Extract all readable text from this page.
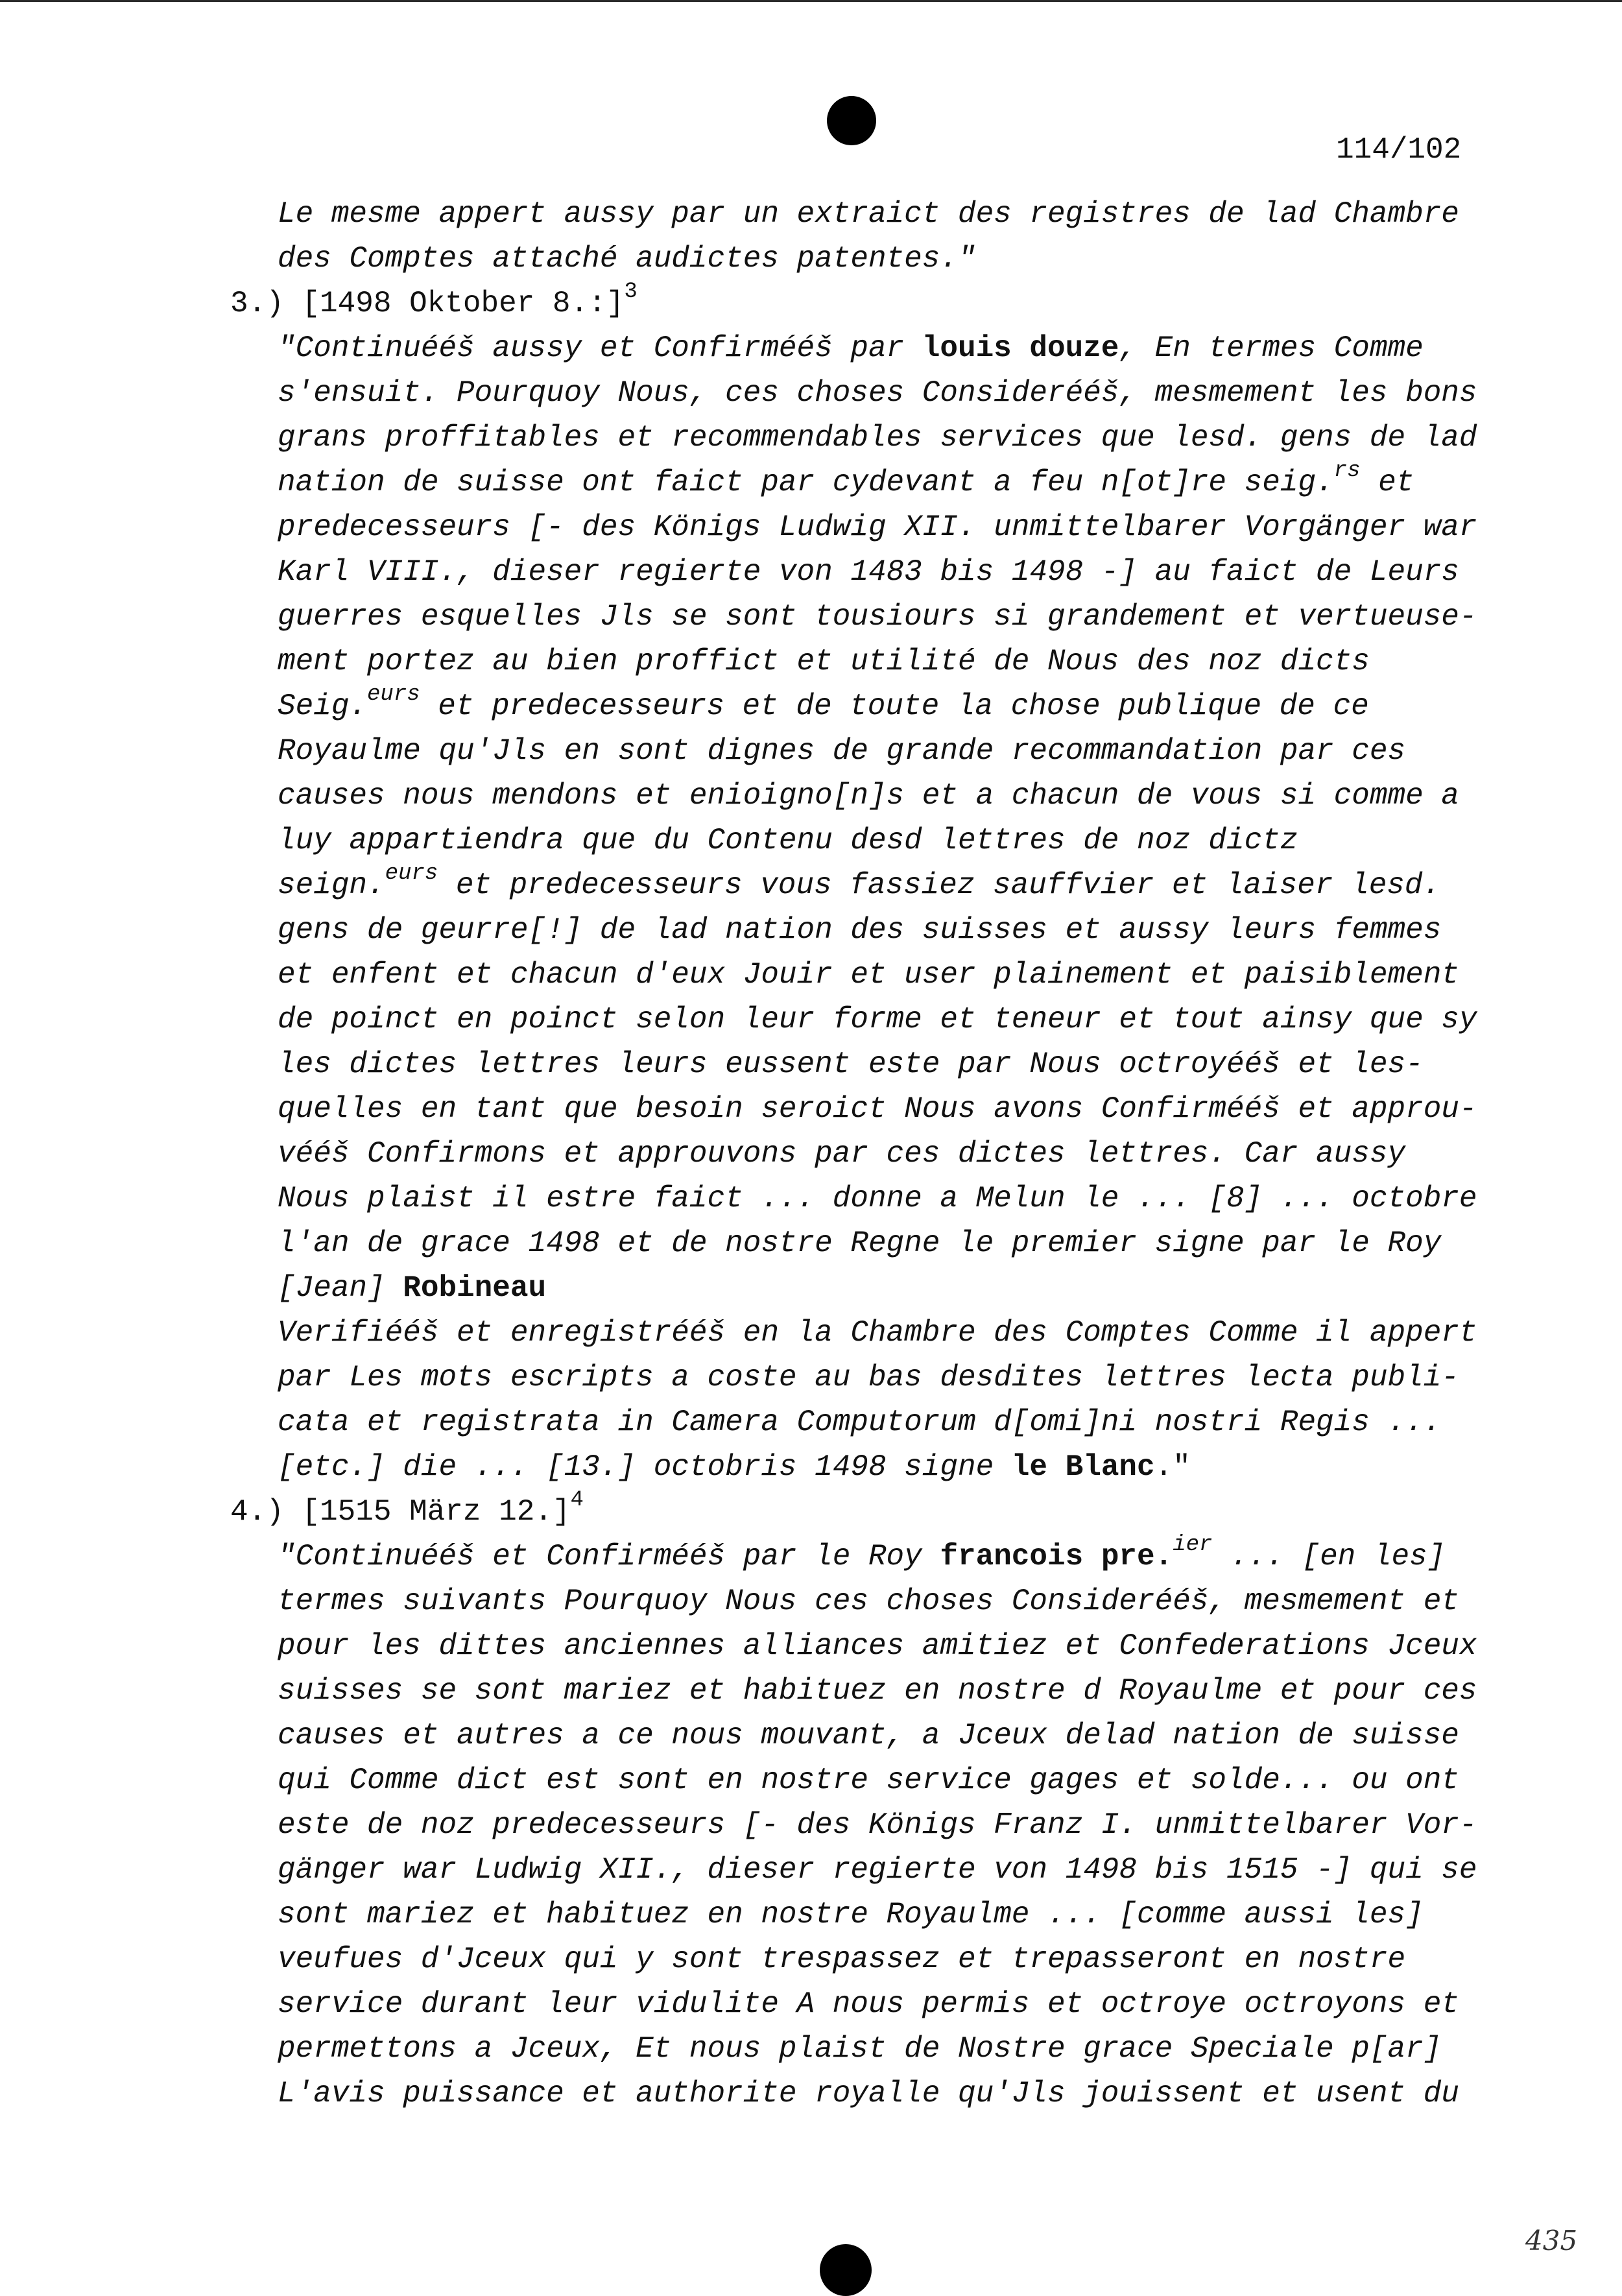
114/102
435
Le mesme appert aussy par un extraict des registres de lad Chambre
des Comptes attaché audictes patentes."
3.) [1498 Oktober 8.:]$^3$
"Continuééš aussy et Confirmééš par louis douze, En termes Comme
s'ensuit. Pourquoy Nous, ces choses Considerééš, mesmement les bons
grans proffitables et recommendables services que lesd. gens de lad
nation de suisse ont faict par cydevant a feu n[ot]re seig.$^{rs}$ et
predecesseurs [- des Königs Ludwig XII. unmittelbarer Vorgänger war
Karl VIII., dieser regierte von 1483 bis 1498 -] au faict de Leurs
guerres esquelles Jls se sont tousiours si grandement et vertueuse-
ment portez au bien proffict et utilité de Nous des noz dicts
Seig.$^{eurs}$ et predecesseurs et de toute la chose publique de ce
Royaulme qu'Jls en sont dignes de grande recommandation par ces
causes nous mendons et enioigno[n]s et a chacun de vous si comme a
luy appartiendra que du Contenu desd lettres de noz dictz
seign.$^{eurs}$ et predecesseurs vous fassiez sauffvier et laiser lesd.
gens de geurre[!] de lad nation des suisses et aussy leurs femmes
et enfent et chacun d'eux Jouir et user plainement et paisiblement
de poinct en poinct selon leur forme et teneur et tout ainsy que sy
les dictes lettres leurs eussent este par Nous octroyééš et les-
quelles en tant que besoin seroict Nous avons Confirmééš et approu-
vééš Confirmons et approuvons par ces dictes lettres. Car aussy
Nous plaist il estre faict ... donne a Melun le ... [8] ... octobre
l'an de grace 1498 et de nostre Regne le premier signe par le Roy
[Jean] Robineau
Verifiééš et enregistrééš en la Chambre des Comptes Comme il appert
par Les mots escripts a coste au bas desdites lettres lecta publi-
cata et registrata in Camera Computorum d[omi]ni nostri Regis ...
[etc.] die ... [13.] octobris 1498 signe le Blanc."
4.) [1515 März 12.]$^4$
"Continuééš et Confirmééš par le Roy francois pre.$^{ier}$ ... [en les]
termes suivants Pourquoy Nous ces choses Considerééš, mesmement et
pour les dittes anciennes alliances amitiez et Confederations Jceux
suisses se sont mariez et habituez en nostre d Royaulme et pour ces
causes et autres a ce nous mouvant, a Jceux delad nation de suisse
qui Comme dict est sont en nostre service gages et solde... ou ont
este de noz predecesseurs [- des Königs Franz I. unmittelbarer Vor-
gänger war Ludwig XII., dieser regierte von 1498 bis 1515 -] qui se
sont mariez et habituez en nostre Royaulme ... [comme aussi les]
veufues d'Jceux qui y sont trespassez et trepasseront en nostre
service durant leur vidulite A nous permis et octroye octroyons et
permettons a Jceux, Et nous plaist de Nostre grace Speciale p[ar]
L'avis puissance et authorite royalle qu'Jls jouissent et usent du
